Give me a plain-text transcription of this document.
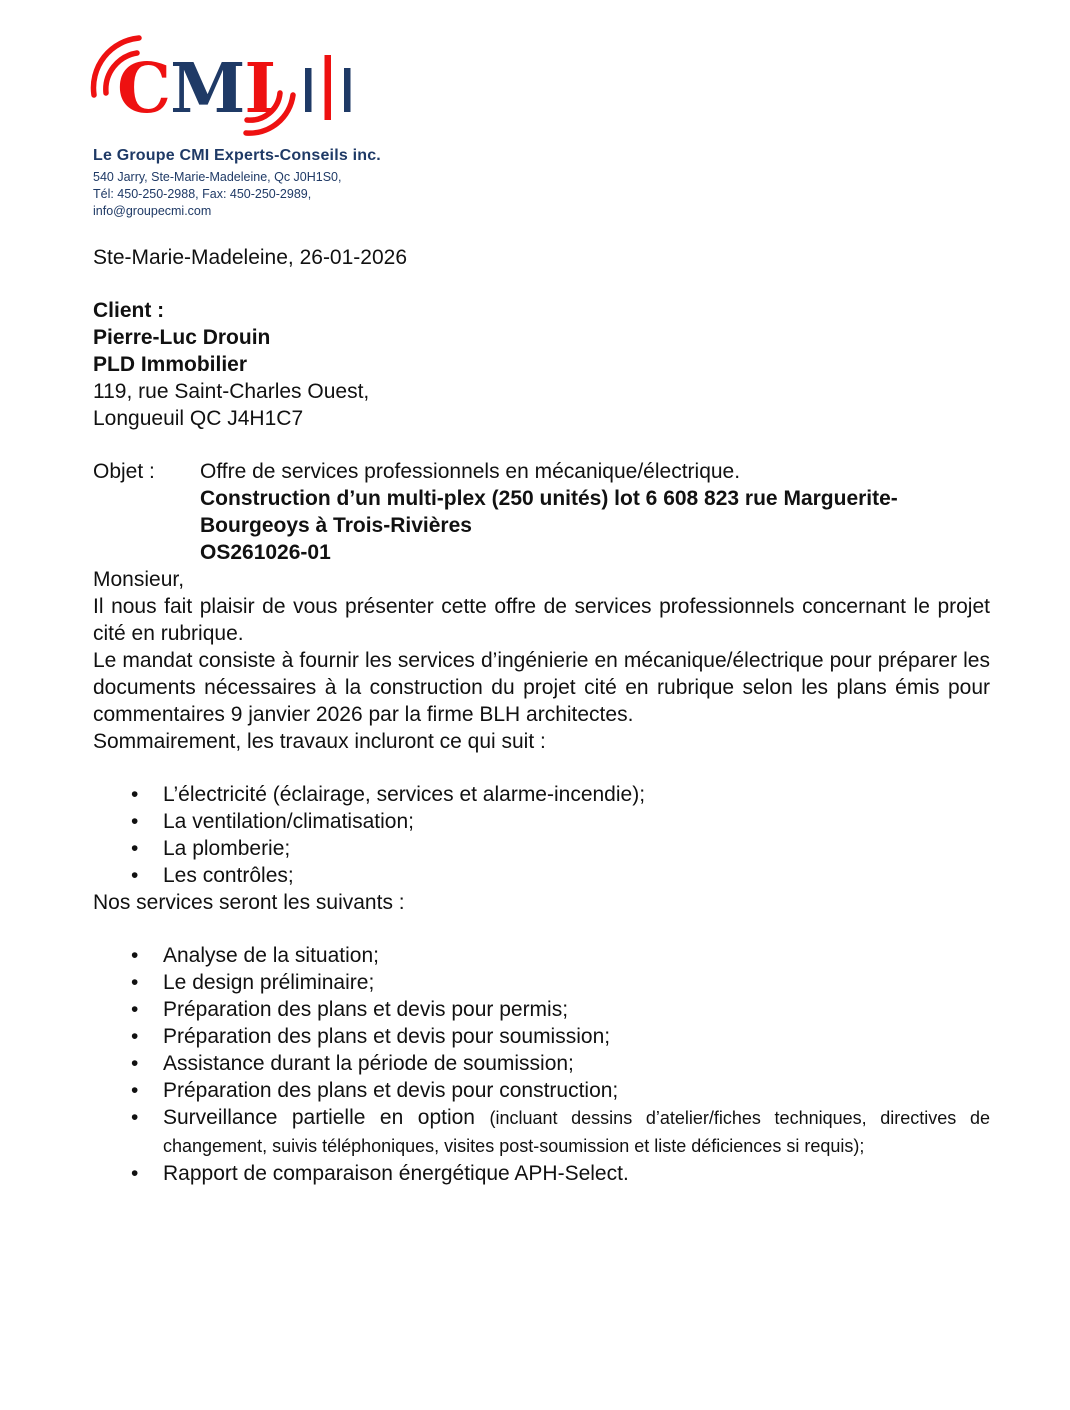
CMI
Le Groupe CMI Experts-Conseils inc.

540 Jarry, Ste-Marie-Madeleine, Qc J0H1S0,

Tél: 450-250-2988, Fax: 450-250-2989,

info@groupecmi.com

Ste-Marie-Madeleine, 26-01-2026

Client :

Pierre-Luc Drouin

PLD Immobilier

119, rue Saint-Charles Ouest,

Longueuil QC J4H1C7

Objet :	Offre de services professionnels en mécanique/électrique.

Construction d’un multi-plex (250 unités) lot 6 608 823 rue Marguerite-

Bourgeoys à Trois-Rivières

OS261026-01

Monsieur,

Il nous fait plaisir de vous présenter cette offre de services professionnels concernant le projet cité en rubrique.

Le mandat consiste à fournir les services d’ingénierie en mécanique/électrique pour préparer les documents nécessaires à la construction du projet cité en rubrique selon les plans émis pour commentaires 9 janvier 2026 par la firme BLH architectes.

Sommairement, les travaux incluront ce qui suit :

• L’électricité (éclairage, services et alarme-incendie);
• La ventilation/climatisation;
• La plomberie;
• Les contrôles;

Nos services seront les suivants :

• Analyse de la situation;
• Le design préliminaire;
• Préparation des plans et devis pour permis;
• Préparation des plans et devis pour soumission;
• Assistance durant la période de soumission;
• Préparation des plans et devis pour construction;
• Surveillance partielle en option (incluant dessins d’atelier/fiches techniques, directives de changement, suivis téléphoniques, visites post-soumission et liste déficiences si requis);
• Rapport de comparaison énergétique APH-Select.
